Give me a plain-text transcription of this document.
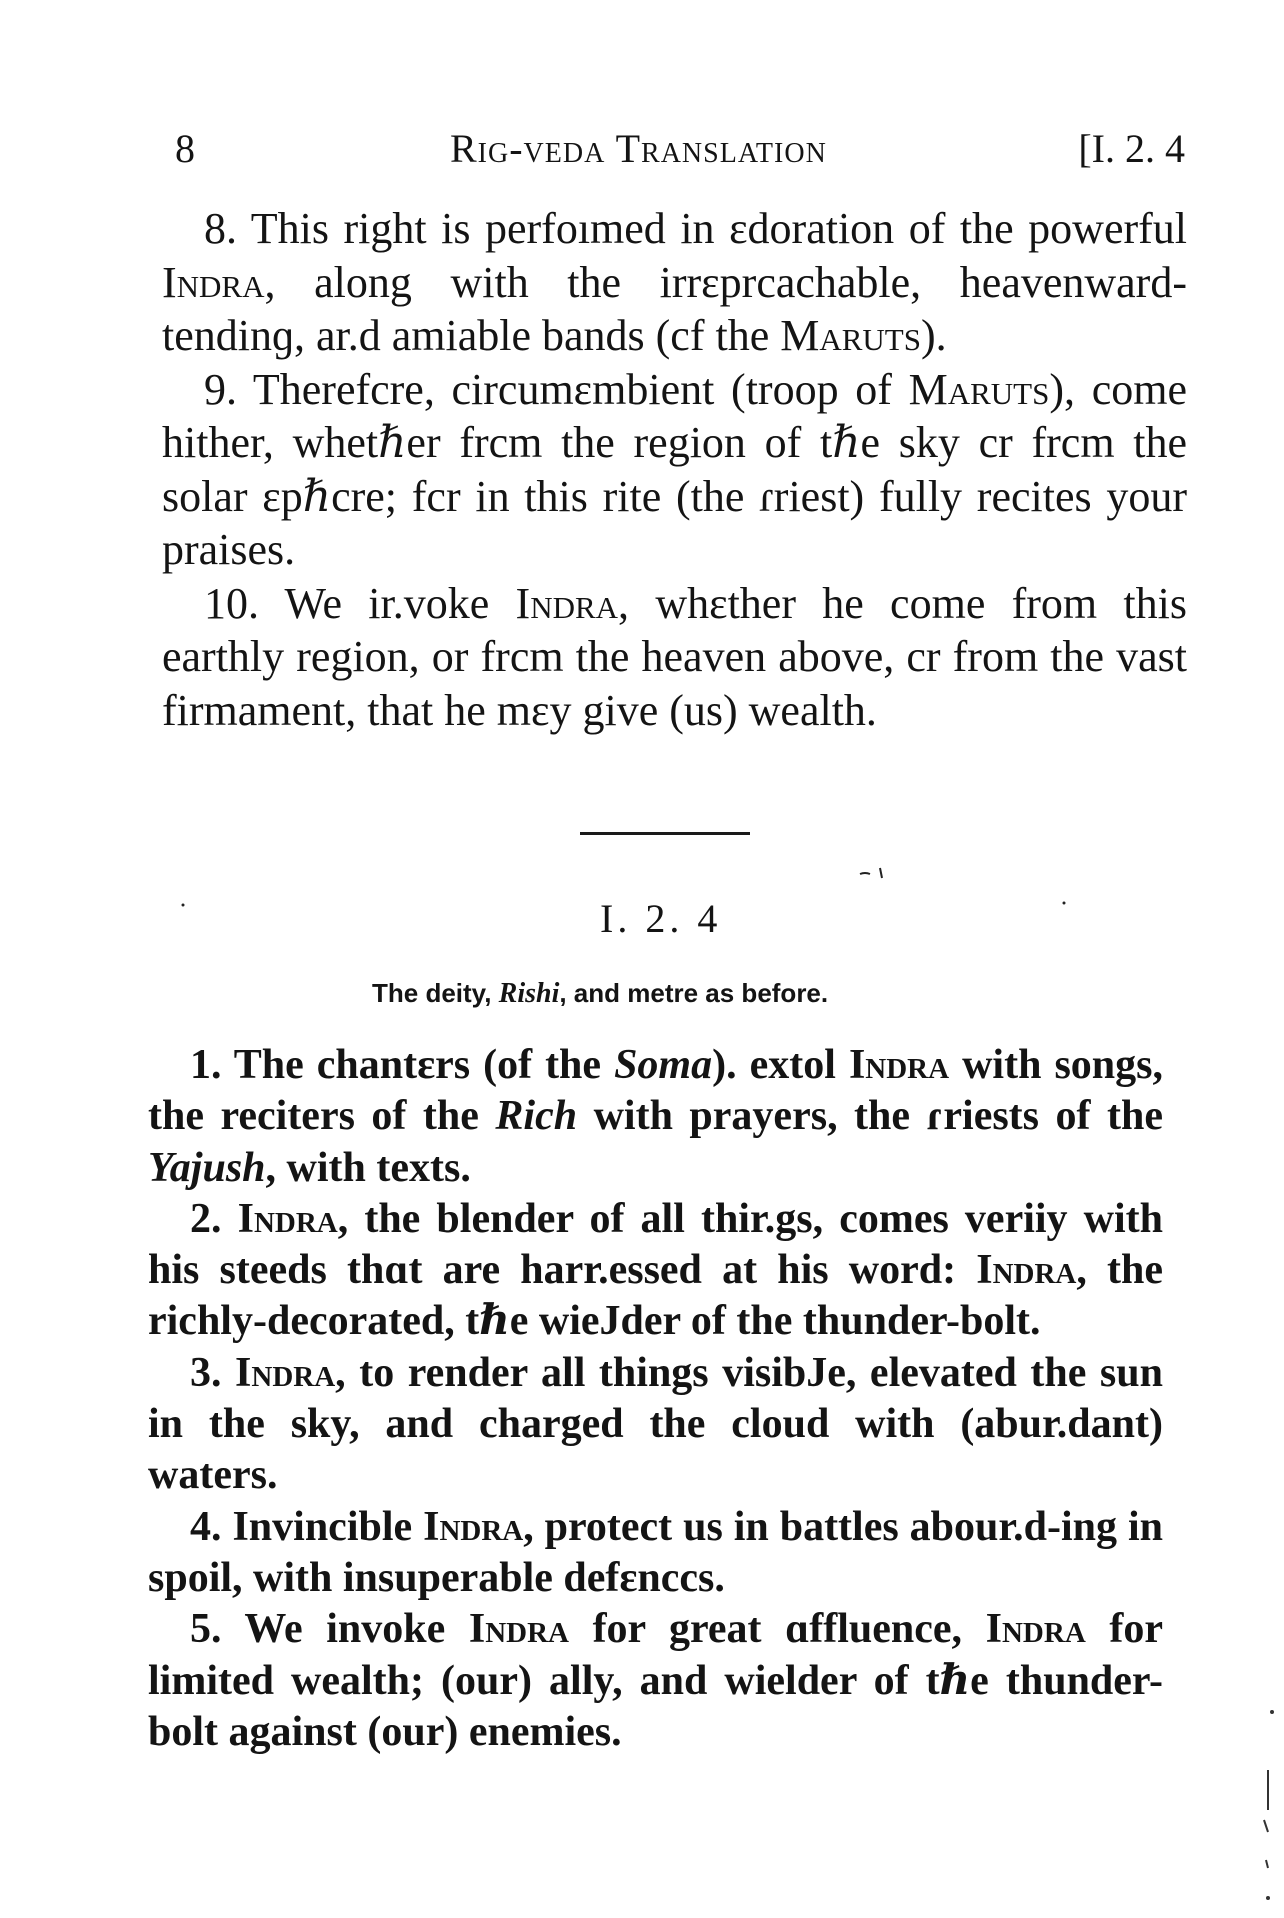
8	Rig-veda Translation	[I. 2. 4

8. This right is perfoımed in ɛdoration of the powerful Indra, along with the irrɛprcachable, heavenward-tendinɡ, ar.d amiable bands (cf the Maruts).

9. Therefcre, circumɛmbient (troop of Maruts), come hither, whetℏer frcm the region of tℏe sky cr frcm the solar ɛpℏcre; fcr in this rite (the ɾriest) fully recites your praises.

10. We ir.voke Indra, whɛther he come from this earthly region, or frcm the heaven above, cr from the vast firmament, that he mɛy give (us) wealth.

I. 2. 4
The deity, Rishi, and metre as before.

1. The chantɛrs (of the Soma). extol Indra with songs, the reciters of the Rich with prayers, the ɾriests of the Yajush, with texts.

2. Indra, the blender of all thir.gs, comes veriiy with his steeds thɑt are harr.essed at his word: Indra, the richly-decorated, tℏe wieJder of the thunder-bolt.

3. Indra, to render all things visibJe, elevated the sun in the sky, and charged the cloud with (abur.dant) waters.

4. Invincible Indra, protect us in battles abour.d-ing in spoil, with insuperable defɛnccs.

5. We invoke Indra for great ɑffluence, Indra for limited wealth; (our) ally, and wielder of tℏe thunder-bolt against (our) enemies.
